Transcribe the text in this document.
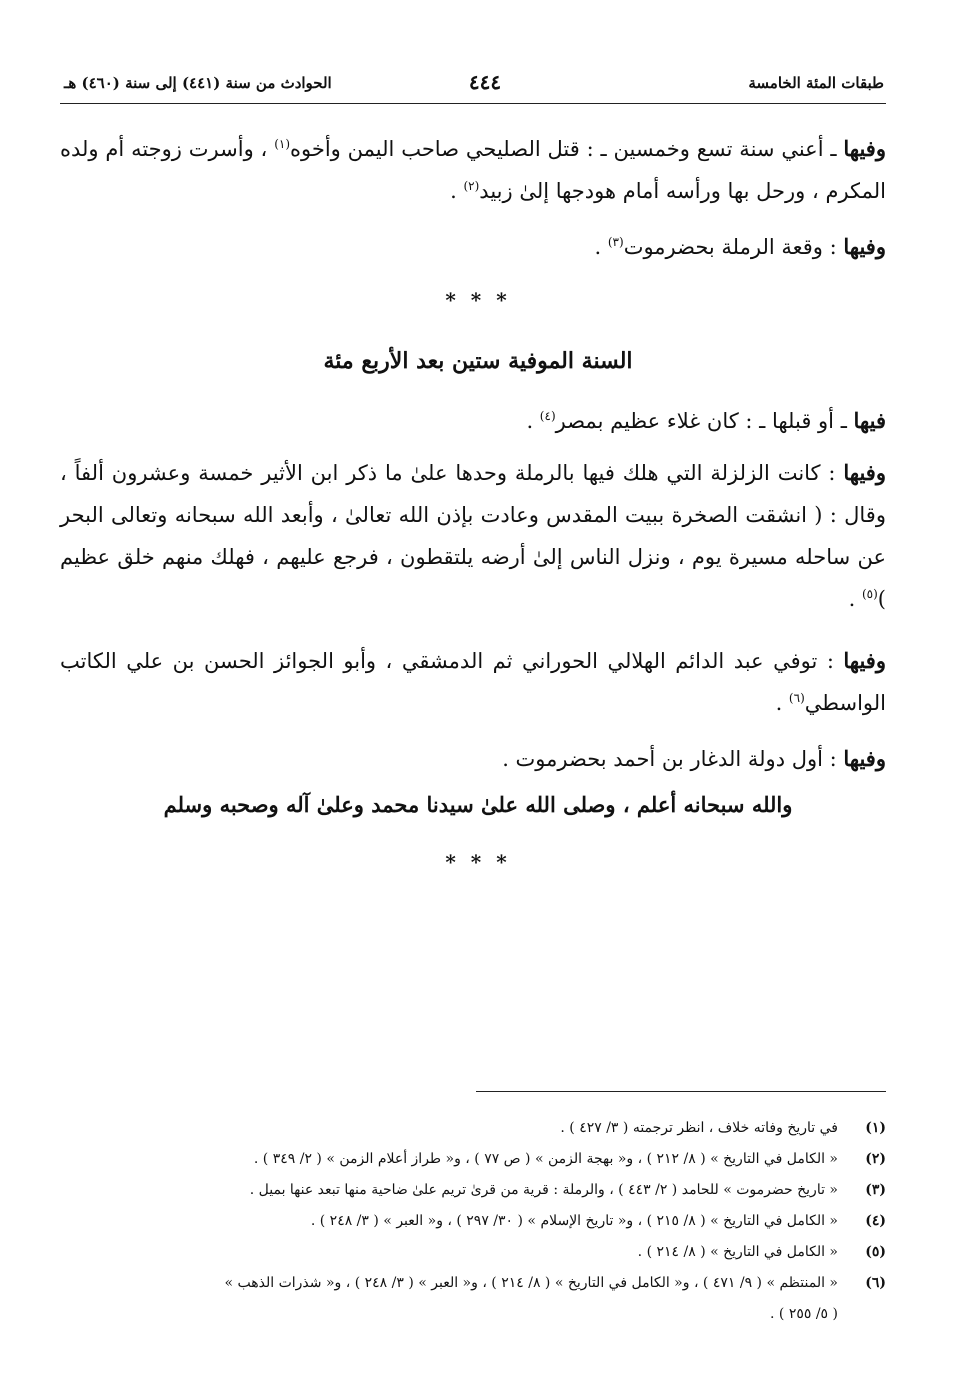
طبقات المئة الخامسة
٤٤٤
الحوادث من سنة (٤٤١) إلى سنة (٤٦٠) هـ
وفيها ـ أعني سنة تسع وخمسين ـ : قتل الصليحي صاحب اليمن وأخوه$^{(١)}$ ، وأسرت زوجته أم ولده المكرم ، ورحل بها ورأسه أمام هودجها إلىٰ زبيد$^{(٢)}$ .
وفيها : وقعة الرملة بحضرموت$^{(٣)}$ .
* * *
السنة الموفية ستين بعد الأربع مئة
فيها ـ أو قبلها ـ : كان غلاء عظيم بمصر$^{(٤)}$ .
وفيها : كانت الزلزلة التي هلك فيها بالرملة وحدها علىٰ ما ذكر ابن الأثير خمسة وعشرون ألفاً ، وقال : ( انشقت الصخرة ببيت المقدس وعادت بإذن الله تعالىٰ ، وأبعد الله سبحانه وتعالى البحر عن ساحله مسيرة يوم ، ونزل الناس إلىٰ أرضه يلتقطون ، فرجع عليهم ، فهلك منهم خلق عظيم )$^{(٥)}$ .
وفيها : توفي عبد الدائم الهلالي الحوراني ثم الدمشقي ، وأبو الجوائز الحسن بن علي الكاتب الواسطي$^{(٦)}$ .
وفيها : أول دولة الدغار بن أحمد بحضرموت .
والله سبحانه أعلم ، وصلى الله علىٰ سيدنا محمد وعلىٰ آله وصحبه وسلم
* * *
(١)
في تاريخ وفاته خلاف ، انظر ترجمته ( ٣/ ٤٢٧ ) .
(٢)
« الكامل في التاريخ » ( ٨/ ٢١٢ ) ، و« بهجة الزمن » ( ص ٧٧ ) ، و« طراز أعلام الزمن » ( ٢/ ٣٤٩ ) .
(٣)
« تاريخ حضرموت » للحامد ( ٢/ ٤٤٣ ) ، والرملة : قرية من قرىٰ تريم علىٰ ضاحية منها تبعد عنها بميل .
(٤)
« الكامل في التاريخ » ( ٨/ ٢١٥ ) ، و« تاريخ الإسلام » ( ٣٠/ ٢٩٧ ) ، و« العبر » ( ٣/ ٢٤٨ ) .
(٥)
« الكامل في التاريخ » ( ٨/ ٢١٤ ) .
(٦)
« المنتظم » ( ٩/ ٤٧١ ) ، و« الكامل في التاريخ » ( ٨/ ٢١٤ ) ، و« العبر » ( ٣/ ٢٤٨ ) ، و« شذرات الذهب »
( ٥/ ٢٥٥ ) .
